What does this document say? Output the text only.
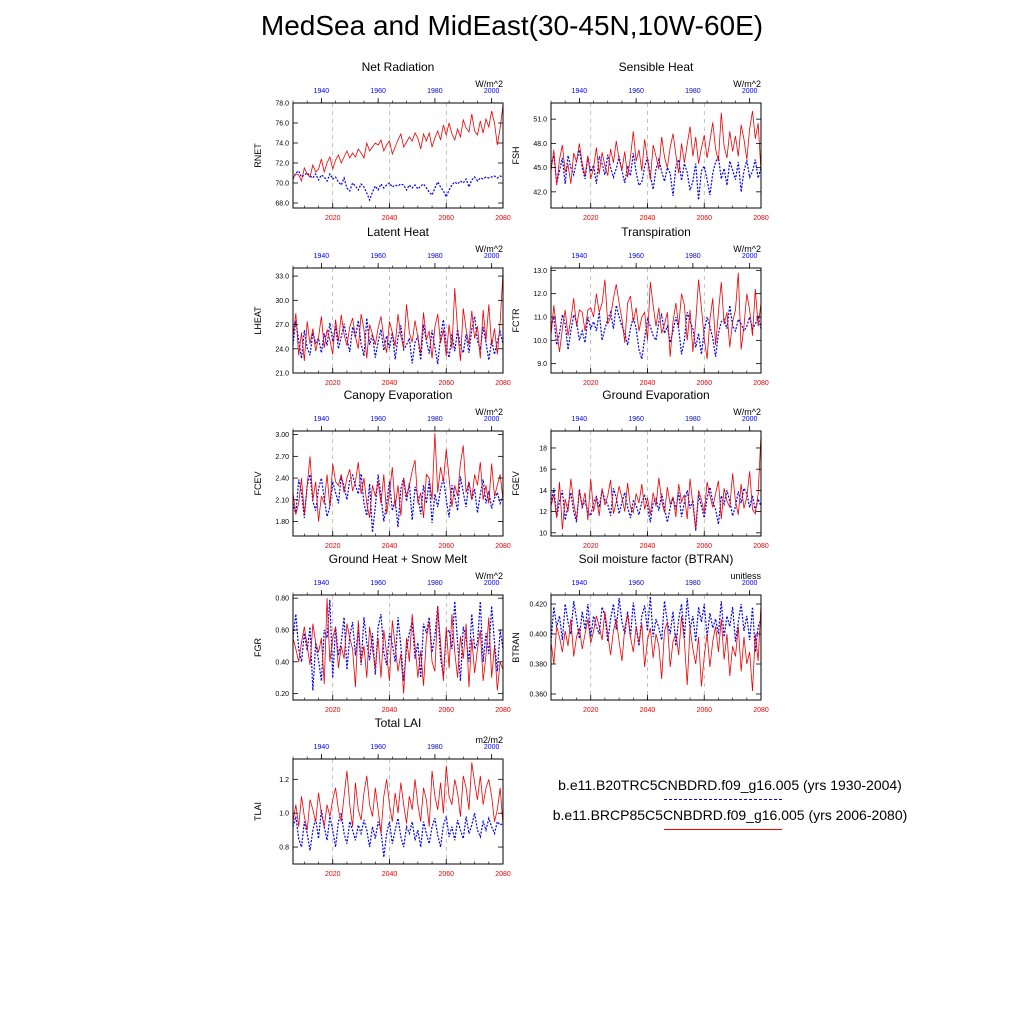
MedSea and MidEast(30-45N,10W-60E)
Net Radiation
W/m^2
RNET
2020	2040	2060	2080
1940	1960	1980	2000
68.0
70.0
72.0
74.0
76.0
78.0
Sensible Heat
W/m^2
FSH
2020	2040	2060	2080
1940	1960	1980	2000
42.0
45.0
48.0
51.0
Latent Heat
W/m^2
LHEAT
2020	2040	2060	2080
1940	1960	1980	2000
21.0
24.0
27.0
30.0
33.0
Transpiration
W/m^2
FCTR
2020	2040	2060	2080
1940	1960	1980	2000
9.0
10.0
11.0
12.0
13.0
Canopy Evaporation
W/m^2
FCEV
2020	2040	2060	2080
1940	1960	1980	2000
1.80
2.10
2.40
2.70
3.00
Ground Evaporation
W/m^2
FGEV
2020	2040	2060	2080
1940	1960	1980	2000
10
12
14
16
18
Ground Heat + Snow Melt
W/m^2
FGR
2020	2040	2060	2080
1940	1960	1980	2000
0.20
0.40
0.60
0.80
Soil moisture factor (BTRAN)
unitless
BTRAN
2020	2040	2060	2080
1940	1960	1980	2000
0.360
0.380
0.400
0.420
Total LAI
m2/m2
TLAI
2020	2040	2060	2080
1940	1960	1980	2000
0.8
1.0
1.2	b.e11.B20TRC5CNBDRD.f09_g16.005 (yrs 1930-2004)
b.e11.BRCP85C5CNBDRD.f09_g16.005 (yrs 2006-2080)
